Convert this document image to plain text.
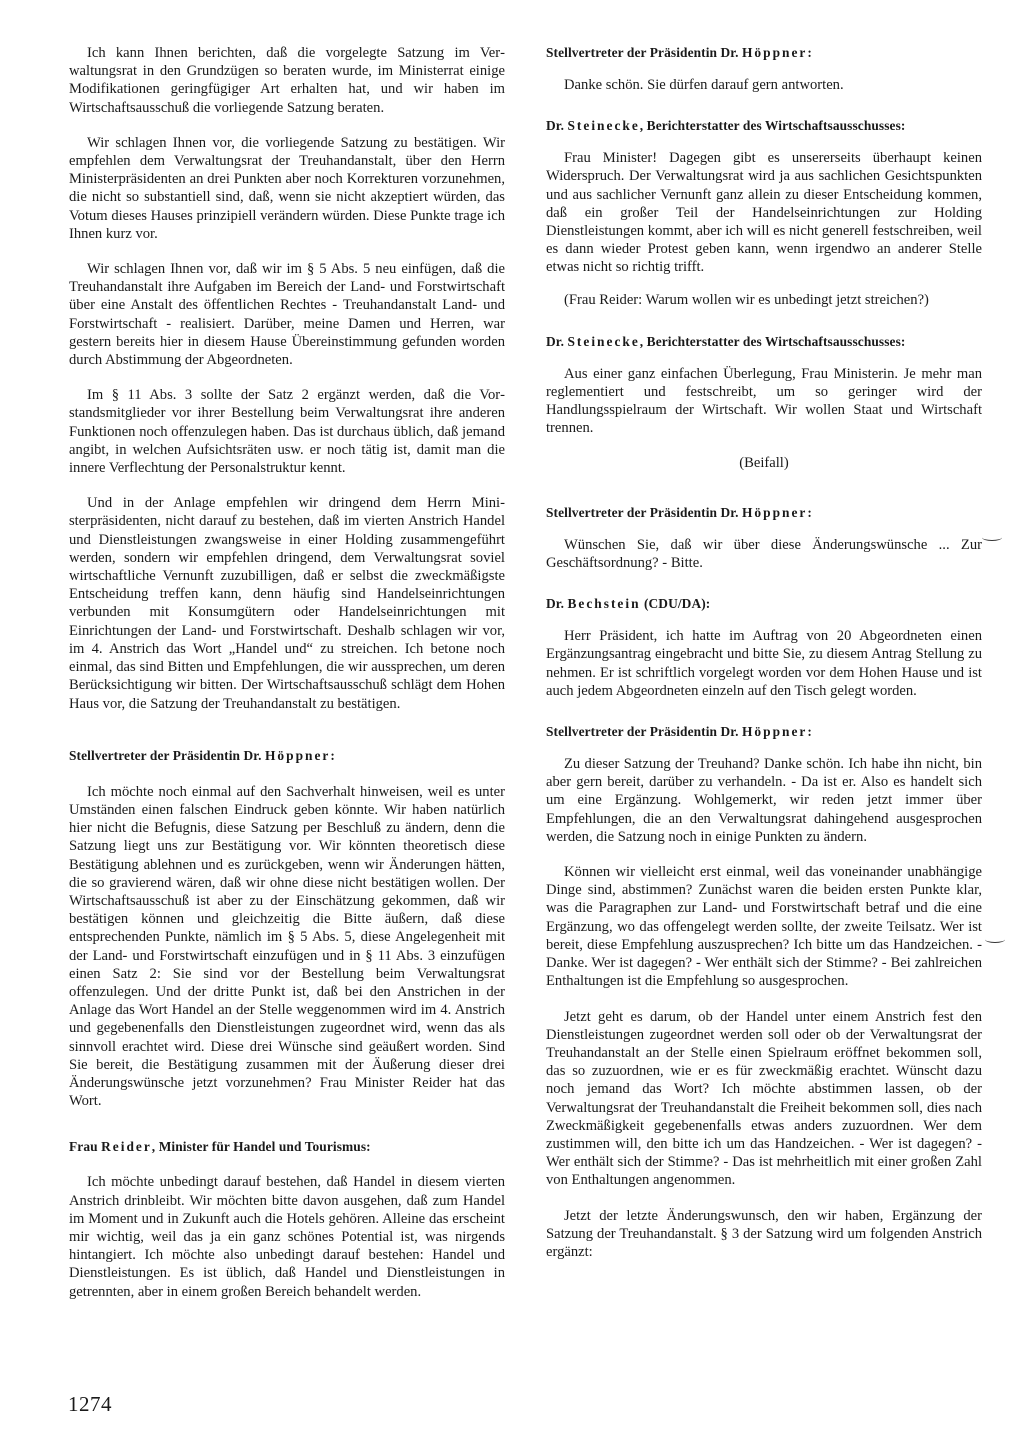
Ich kann Ihnen berichten, daß die vorgelegte Satzung im Verwaltungsrat in den Grundzügen so beraten wurde, im Ministerrat einige Modifikationen geringfügiger Art erhalten hat, und wir haben im Wirtschaftsausschuß die vorliegende Satzung beraten.

Wir schlagen Ihnen vor, die vorliegende Satzung zu bestätigen. Wir empfehlen dem Verwaltungsrat der Treuhandanstalt, über den Herrn Ministerpräsidenten an drei Punkten aber noch Korrekturen vorzunehmen, die nicht so substantiell sind, daß, wenn sie nicht akzeptiert würden, das Votum dieses Hauses prinzipiell verändern würden. Diese Punkte trage ich Ihnen kurz vor.

Wir schlagen Ihnen vor, daß wir im § 5 Abs. 5 neu einfügen, daß die Treuhandanstalt ihre Aufgaben im Bereich der Land- und Forstwirtschaft über eine Anstalt des öffentlichen Rechtes - Treuhandanstalt Land- und Forstwirtschaft - realisiert. Darüber, meine Damen und Herren, war gestern bereits hier in diesem Hause Übereinstimmung gefunden worden durch Abstimmung der Abgeordneten.

Im § 11 Abs. 3 sollte der Satz 2 ergänzt werden, daß die Vorstandsmitglieder vor ihrer Bestellung beim Verwaltungsrat ihre anderen Funktionen noch offenzulegen haben. Das ist durchaus üblich, daß jemand angibt, in welchen Aufsichtsräten usw. er noch tätig ist, damit man die innere Verflechtung der Personalstruktur kennt.

Und in der Anlage empfehlen wir dringend dem Herrn Ministerpräsidenten, nicht darauf zu bestehen, daß im vierten Anstrich Handel und Dienstleistungen zwangsweise in einer Holding zusammengeführt werden, sondern wir empfehlen dringend, dem Verwaltungsrat soviel wirtschaftliche Vernunft zuzubilligen, daß er selbst die zweckmäßigste Entscheidung treffen kann, denn häufig sind Handelseinrichtungen verbunden mit Konsumgütern oder Handelseinrichtungen mit Einrichtungen der Land- und Forstwirtschaft. Deshalb schlagen wir vor, im 4. Anstrich das Wort „Handel und“ zu streichen. Ich betone noch einmal, das sind Bitten und Empfehlungen, die wir aussprechen, um deren Berücksichtigung wir bitten. Der Wirtschaftsausschuß schlägt dem Hohen Haus vor, die Satzung der Treuhandanstalt zu bestätigen.

Stellvertreter der Präsidentin Dr. Höppner:

Ich möchte noch einmal auf den Sachverhalt hinweisen, weil es unter Umständen einen falschen Eindruck geben könnte. Wir haben natürlich hier nicht die Befugnis, diese Satzung per Beschluß zu ändern, denn die Satzung liegt uns zur Bestätigung vor. Wir könnten theoretisch diese Bestätigung ablehnen und es zurückgeben, wenn wir Änderungen hätten, die so gravierend wären, daß wir ohne diese nicht bestätigen wollen. Der Wirtschaftsausschuß ist aber zu der Einschätzung gekommen, daß wir bestätigen können und gleichzeitig die Bitte äußern, daß diese entsprechenden Punkte, nämlich im § 5 Abs. 5, diese Angelegenheit mit der Land- und Forstwirtschaft einzufügen und in § 11 Abs. 3 einzufügen einen Satz 2: Sie sind vor der Bestellung beim Verwaltungsrat offenzulegen. Und der dritte Punkt ist, daß bei den Anstrichen in der Anlage das Wort Handel an der Stelle weggenommen wird im 4. Anstrich und gegebenenfalls den Dienstleistungen zugeordnet wird, wenn das als sinnvoll erachtet wird. Diese drei Wünsche sind geäußert worden. Sind Sie bereit, die Bestätigung zusammen mit der Äußerung dieser drei Änderungswünsche jetzt vorzunehmen? Frau Minister Reider hat das Wort.

Frau Reider, Minister für Handel und Tourismus:

Ich möchte unbedingt darauf bestehen, daß Handel in diesem vierten Anstrich drinbleibt. Wir möchten bitte davon ausgehen, daß zum Handel im Moment und in Zukunft auch die Hotels gehören. Alleine das erscheint mir wichtig, weil das ja ein ganz schönes Potential ist, was nirgends hintangiert. Ich möchte also unbedingt darauf bestehen: Handel und Dienstleistungen. Es ist üblich, daß Handel und Dienstleistungen in getrennten, aber in einem großen Bereich behandelt werden.

Stellvertreter der Präsidentin Dr. Höppner:

Danke schön. Sie dürfen darauf gern antworten.

Dr. Steinecke, Berichterstatter des Wirtschaftsausschusses:

Frau Minister! Dagegen gibt es unsererseits überhaupt keinen Widerspruch. Der Verwaltungsrat wird ja aus sachlichen Gesichtspunkten und aus sachlicher Vernunft ganz allein zu dieser Entscheidung kommen, daß ein großer Teil der Handelseinrichtungen zur Holding Dienstleistungen kommt, aber ich will es nicht generell festschreiben, weil es dann wieder Protest geben kann, wenn irgendwo an anderer Stelle etwas nicht so richtig trifft.

(Frau Reider: Warum wollen wir es unbedingt jetzt streichen?)

Dr. Steinecke, Berichterstatter des Wirtschaftsausschusses:

Aus einer ganz einfachen Überlegung, Frau Ministerin. Je mehr man reglementiert und festschreibt, um so geringer wird der Handlungsspielraum der Wirtschaft. Wir wollen Staat und Wirtschaft trennen.

(Beifall)

Stellvertreter der Präsidentin Dr. Höppner:

Wünschen Sie, daß wir über diese Änderungswünsche ... Zur Geschäftsordnung? - Bitte.

Dr. Bechstein (CDU/DA):

Herr Präsident, ich hatte im Auftrag von 20 Abgeordneten einen Ergänzungsantrag eingebracht und bitte Sie, zu diesem Antrag Stellung zu nehmen. Er ist schriftlich vorgelegt worden vor dem Hohen Hause und ist auch jedem Abgeordneten einzeln auf den Tisch gelegt worden.

Stellvertreter der Präsidentin Dr. Höppner:

Zu dieser Satzung der Treuhand? Danke schön. Ich habe ihn nicht, bin aber gern bereit, darüber zu verhandeln. - Da ist er. Also es handelt sich um eine Ergänzung. Wohlgemerkt, wir reden jetzt immer über Empfehlungen, die an den Verwaltungsrat dahingehend ausgesprochen werden, die Satzung noch in einige Punkten zu ändern.

Können wir vielleicht erst einmal, weil das voneinander unabhängige Dinge sind, abstimmen? Zunächst waren die beiden ersten Punkte klar, was die Paragraphen zur Land- und Forstwirtschaft betraf und die eine Ergänzung, wo das offengelegt werden sollte, der zweite Teilsatz. Wer ist bereit, diese Empfehlung auszusprechen? Ich bitte um das Handzeichen. - Danke. Wer ist dagegen? - Wer enthält sich der Stimme? - Bei zahlreichen Enthaltungen ist die Empfehlung so ausgesprochen.

Jetzt geht es darum, ob der Handel unter einem Anstrich fest den Dienstleistungen zugeordnet werden soll oder ob der Verwaltungsrat der Treuhandanstalt an der Stelle einen Spielraum eröffnet bekommen soll, das so zuzuordnen, wie er es für zweckmäßig erachtet. Wünscht dazu noch jemand das Wort? Ich möchte abstimmen lassen, ob der Verwaltungsrat der Treuhandanstalt die Freiheit bekommen soll, dies nach Zweckmäßigkeit gegebenenfalls etwas anders zuzuordnen. Wer dem zustimmen will, den bitte ich um das Handzeichen. - Wer ist dagegen? - Wer enthält sich der Stimme? - Das ist mehrheitlich mit einer großen Zahl von Enthaltungen angenommen.

Jetzt der letzte Änderungswunsch, den wir haben, Ergänzung der Satzung der Treuhandanstalt. § 3 der Satzung wird um folgenden Anstrich ergänzt:

1274
